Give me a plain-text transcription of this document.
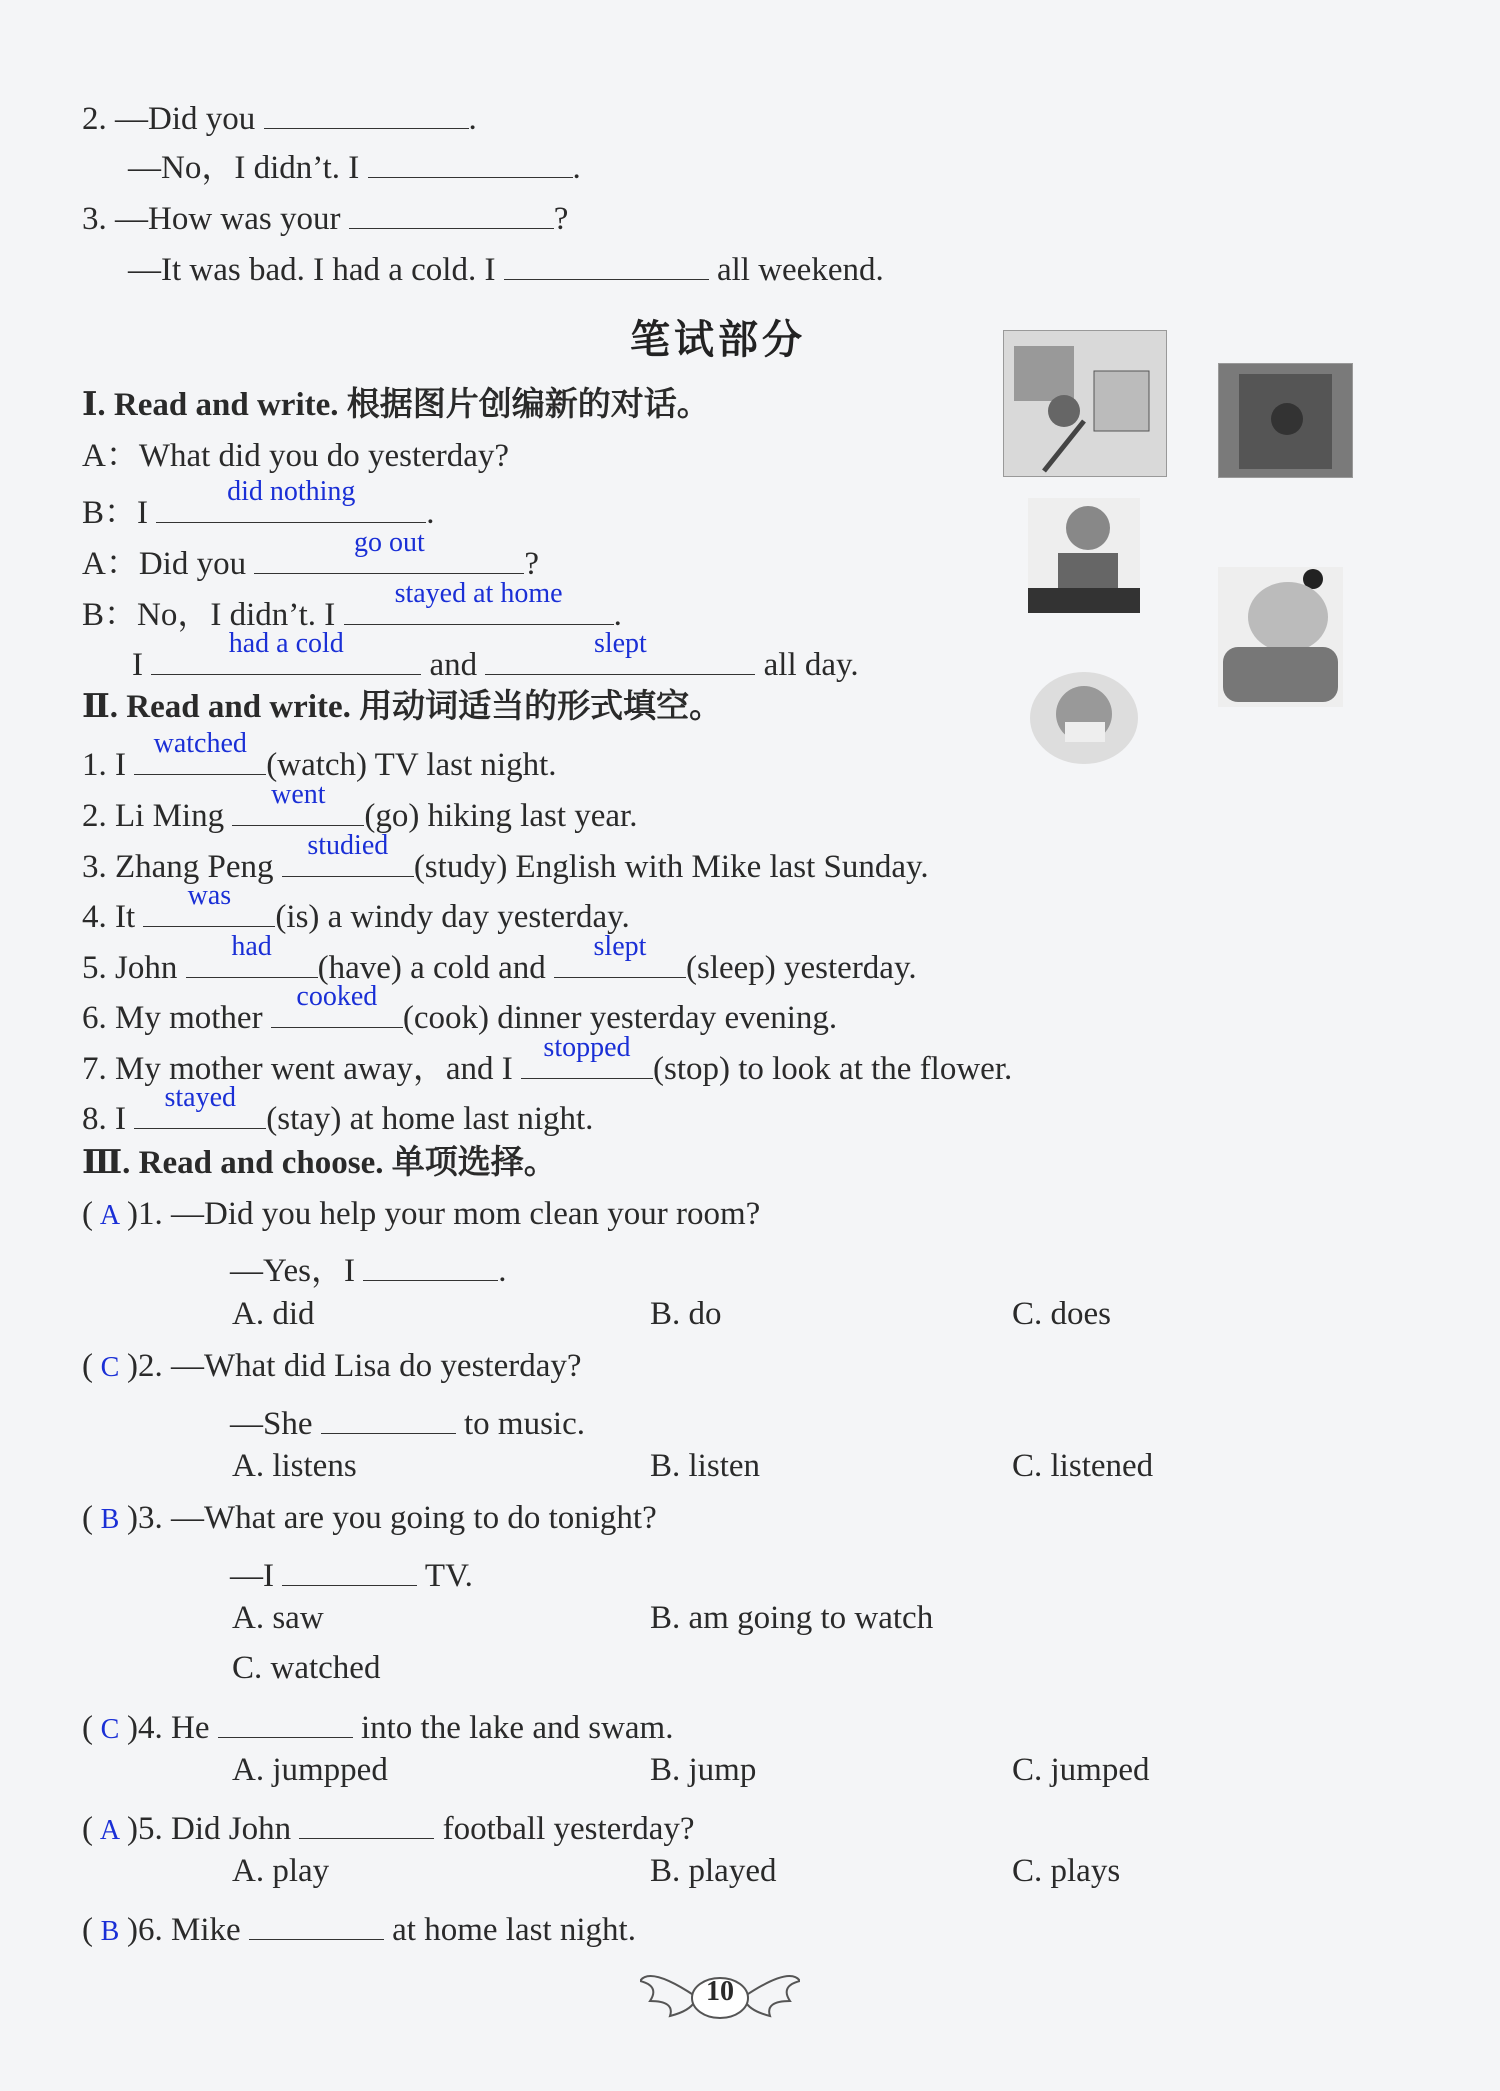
2. —Did you	.
—No，I didn’t. I	.
3. —How was your	?
—It was bad. I had a cold. I	all weekend.
笔试部分
Ⅰ. Read and write. 根据图片创编新的对话。
A：What did you do yesterday?
B：I
did nothing
.
A：Did you
go out
?
B：No，I didn’t. I
stayed at home
.
I
had a cold
and
slept
all day.
Ⅱ. Read and write. 用动词适当的形式填空。
1. I
watched
(watch) TV last night.
2. Li Ming
went
(go) hiking last year.
3. Zhang Peng
studied
(study) English with Mike last Sunday.
4. It
was
(is) a windy day yesterday.
5. John
had
(have) a cold and
slept
(sleep) yesterday.
6. My mother
cooked
(cook) dinner yesterday evening.
7. My mother went away，and I
stopped
(stop) to look at the flower.
8. I
stayed
(stay) at home last night.
Ⅲ. Read and choose. 单项选择。
( A )1. —Did you help your mom clean your room?
—Yes，I	.
A. did	B. do	C. does
( C )2. —What did Lisa do yesterday?
—She	to music.
A. listens	B. listen	C. listened
( B )3. —What are you going to do tonight?
—I	TV.
A. saw	B. am going to watch
C. watched
( C )4. He	into the lake and swam.
A. jumpped	B. jump	C. jumped
( A )5. Did John	football yesterday?
A. play	B. played	C. plays
( B )6. Mike	at home last night.
10
